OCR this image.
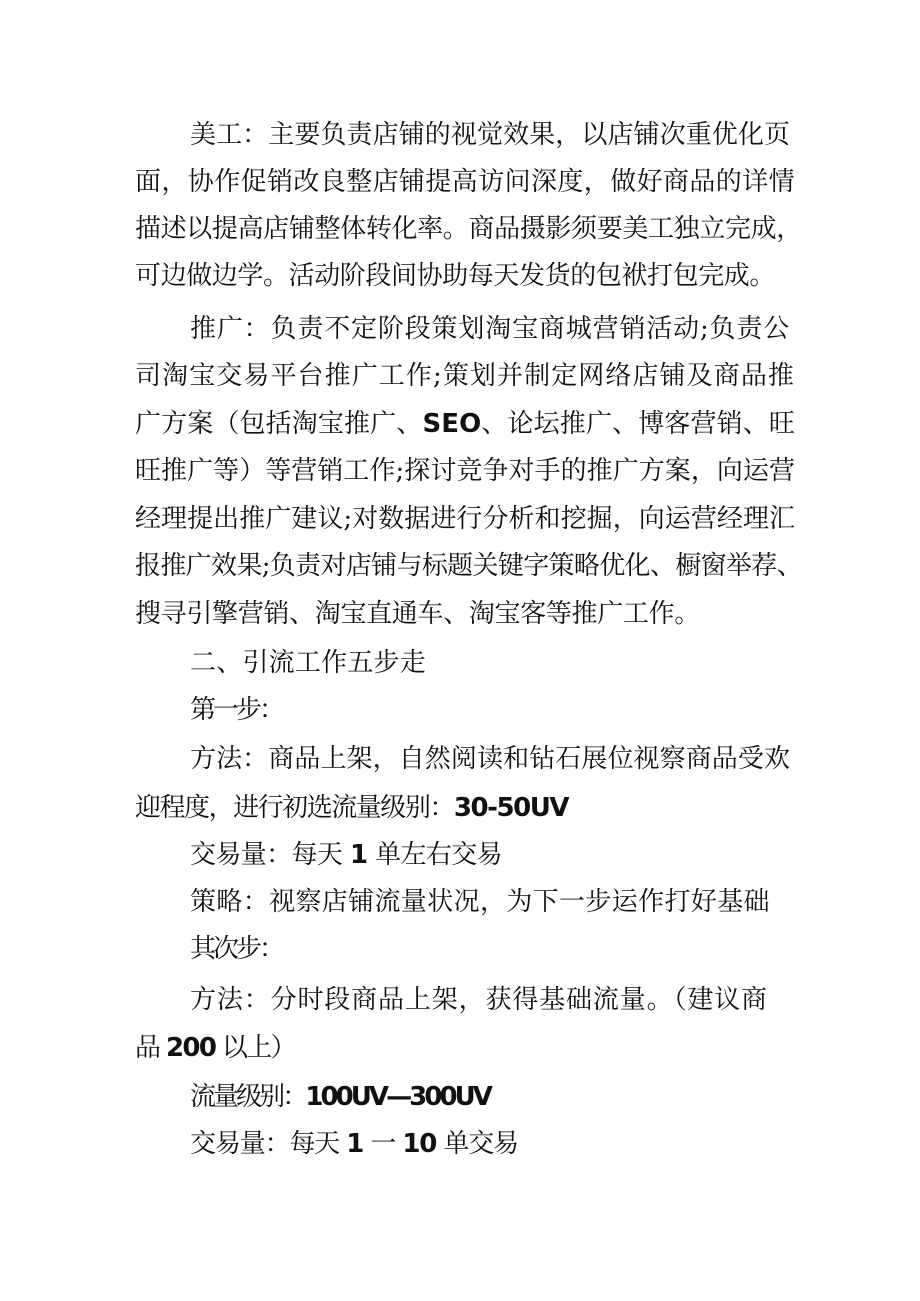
美工：主要负责店铺的视觉效果，以店铺次重优化页
面，协作促销改良整店铺提高访问深度，做好商品的详情
描述以提高店铺整体转化率。商品摄影须要美工独立完成，
可边做边学。活动阶段间协助每天发货的包袱打包完成。
推广：负责不定阶段策划淘宝商城营销活动;负责公
司淘宝交易平台推广工作;策划并制定网络店铺及商品推
广方案（包括淘宝推广、SEO、论坛推广、博客营销、旺
旺推广等）等营销工作;探讨竞争对手的推广方案，向运营
经理提出推广建议;对数据进行分析和挖掘，向运营经理汇
报推广效果;负责对店铺与标题关键字策略优化、橱窗举荐、
搜寻引擎营销、淘宝直通车、淘宝客等推广工作。
二、引流工作五步走
第一步：
方法：商品上架，自然阅读和钻石展位视察商品受欢
迎程度，进行初选流量级别：30-50UV
交易量：每天 1 单左右交易
策略：视察店铺流量状况，为下一步运作打好基础
其次步：
方法：分时段商品上架，获得基础流量。（建议商
品 200 以上）
流量级别：100UV—300UV
交易量：每天 1 一 10 单交易
